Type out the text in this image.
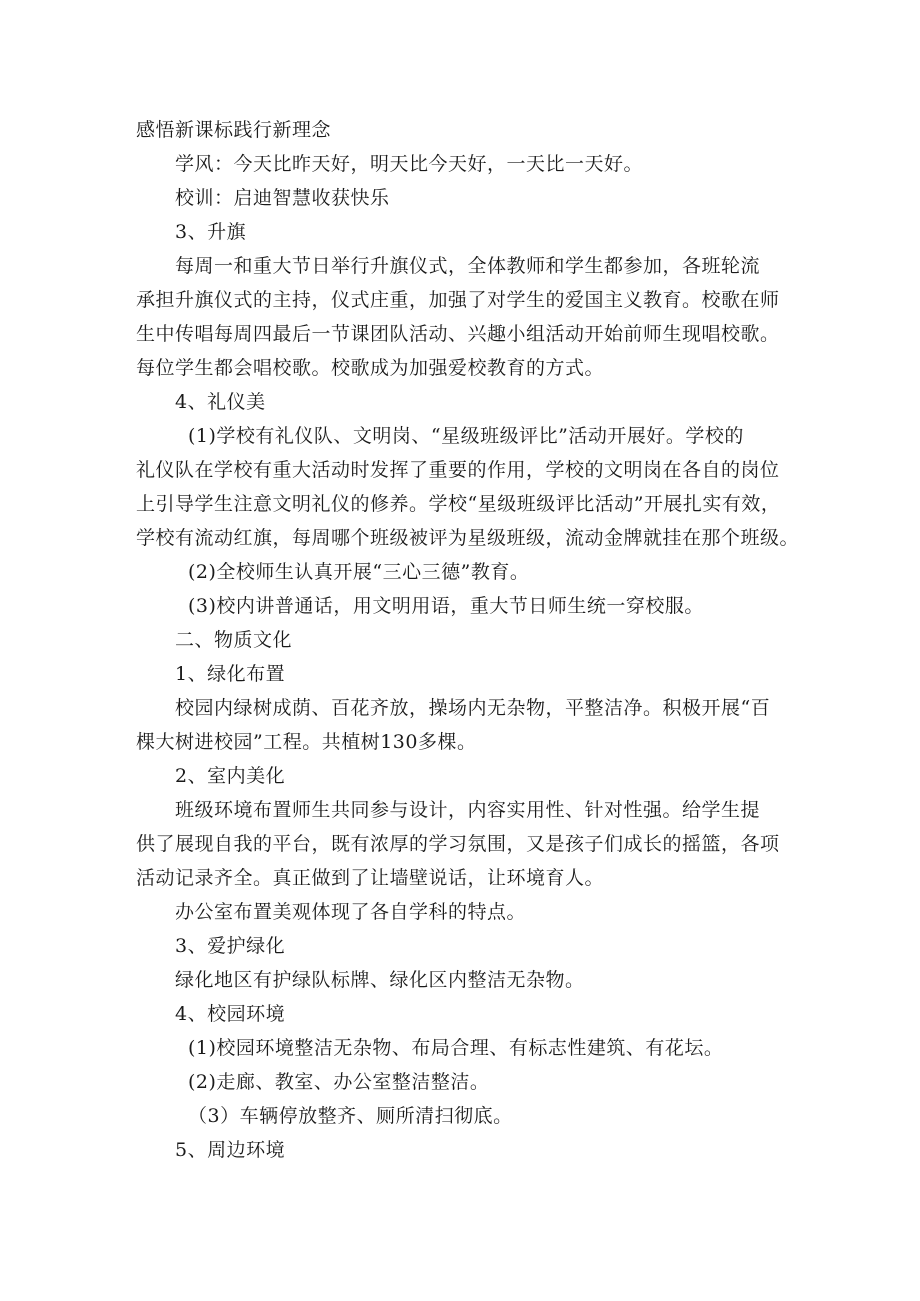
感悟新课标践行新理念
学风：今天比昨天好，明天比今天好，一天比一天好。
校训：启迪智慧收获快乐
3、升旗
每周一和重大节日举行升旗仪式，全体教师和学生都参加，各班轮流
承担升旗仪式的主持，仪式庄重，加强了对学生的爱国主义教育。校歌在师
生中传唱每周四最后一节课团队活动、兴趣小组活动开始前师生现唱校歌。
每位学生都会唱校歌。校歌成为加强爱校教育的方式。
4、礼仪美
(1)学校有礼仪队、文明岗、“星级班级评比”活动开展好。学校的
礼仪队在学校有重大活动时发挥了重要的作用，学校的文明岗在各自的岗位
上引导学生注意文明礼仪的修养。学校“星级班级评比活动”开展扎实有效，
学校有流动红旗，每周哪个班级被评为星级班级，流动金牌就挂在那个班级。
(2)全校师生认真开展“三心三德”教育。
(3)校内讲普通话，用文明用语，重大节日师生统一穿校服。
二、物质文化
1、绿化布置
校园内绿树成荫、百花齐放，操场内无杂物，平整洁净。积极开展“百
棵大树进校园”工程。共植树130多棵。
2、室内美化
班级环境布置师生共同参与设计，内容实用性、针对性强。给学生提
供了展现自我的平台，既有浓厚的学习氛围，又是孩子们成长的摇篮，各项
活动记录齐全。真正做到了让墙壁说话，让环境育人。
办公室布置美观体现了各自学科的特点。
3、爱护绿化
绿化地区有护绿队标牌、绿化区内整洁无杂物。
4、校园环境
(1)校园环境整洁无杂物、布局合理、有标志性建筑、有花坛。
(2)走廊、教室、办公室整洁整洁。
（3）车辆停放整齐、厕所清扫彻底。
5、周边环境
